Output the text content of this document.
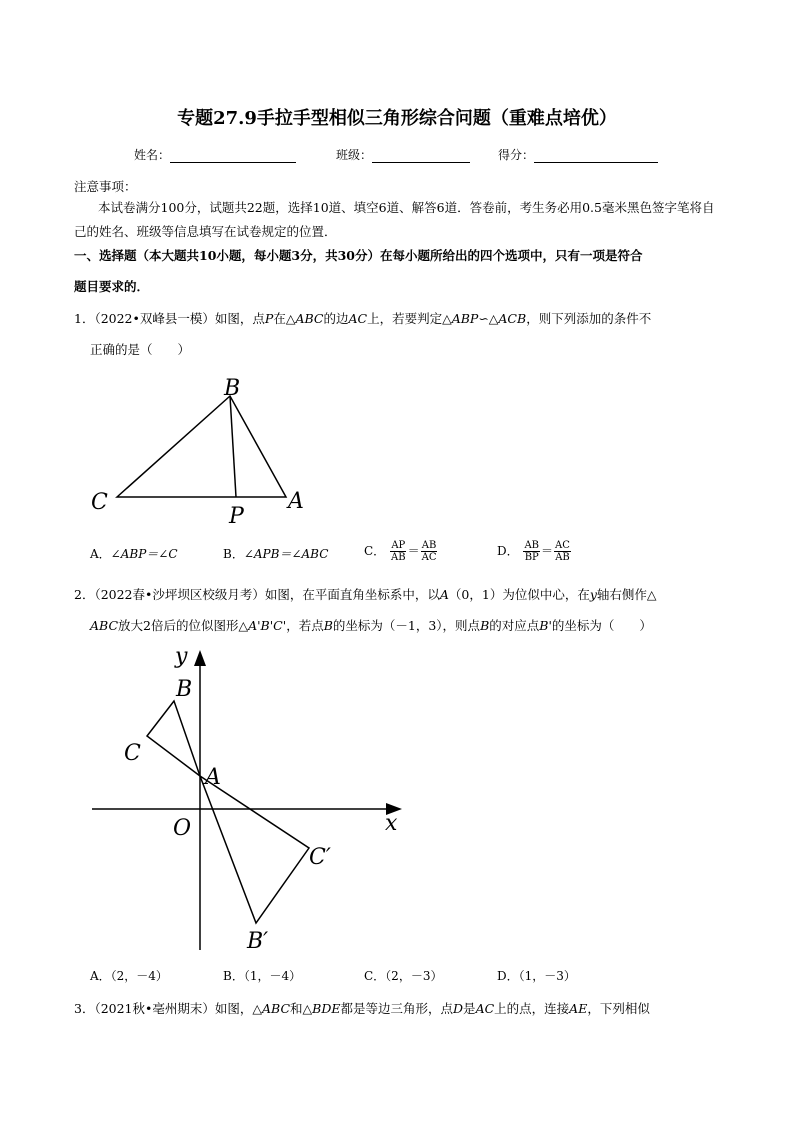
专题27.9手拉手型相似三角形综合问题（重难点培优）
姓名：	班级：	得分：
注意事项：
本试卷满分100分，试题共22题，选择10道、填空6道、解答6道．答卷前，考生务必用0.5毫米黑色签字笔将自己的姓名、班级等信息填写在试卷规定的位置．
一、选择题（本大题共10小题，每小题3分，共30分）在每小题所给出的四个选项中，只有一项是符合
题目要求的．
1．（2022•双峰县一模）如图，点P在△ABC的边AC上，若要判定△ABP∽△ACB，则下列添加的条件不
正确的是（　　）
B
C
P
A
A．∠ABP＝∠C	B．∠APB＝∠ABC	C． $\frac{AP}{AB} = \frac{AB}{AC}$	D． $\frac{AB}{BP} = \frac{AC}{AB}$
2．（2022春•沙坪坝区校级月考）如图，在平面直角坐标系中，以A（0，1）为位似中心，在y轴右侧作△
ABC放大2倍后的位似图形△A'B'C'，若点B的坐标为（－1，3），则点B的对应点B'的坐标为（　　）
y
x
B
C
A
O
C′
B′
A．（2，－4）	B．（1，－4）	C．（2，－3）	D．（1，－3）
3．（2021秋•亳州期末）如图，△ABC和△BDE都是等边三角形，点D是AC上的点，连接AE，下列相似
